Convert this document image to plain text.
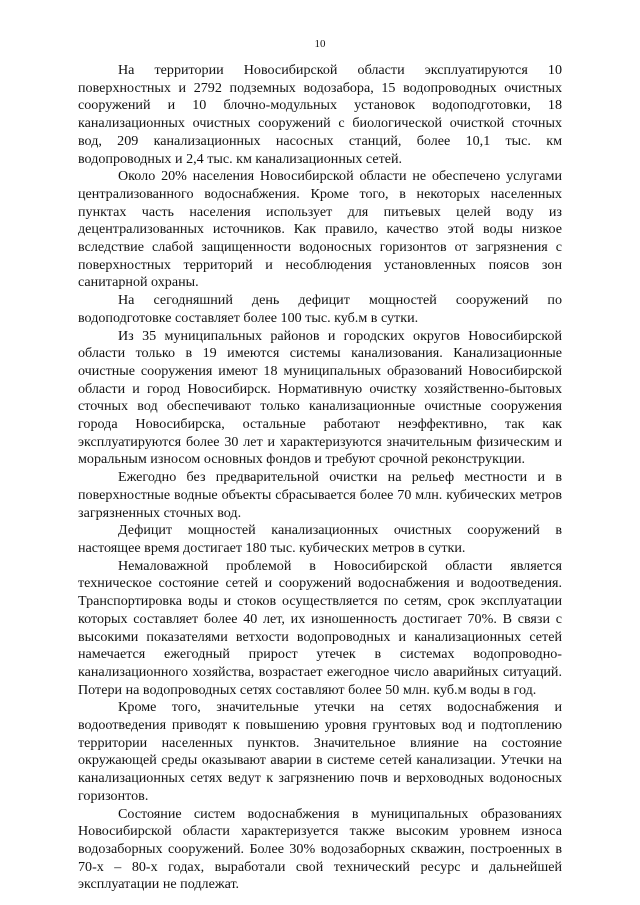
10

На территории Новосибирской области эксплуатируются 10 поверхностных и 2792 подземных водозабора, 15 водопроводных очистных сооружений и 10 блочно-модульных установок водоподготовки, 18 канализационных очистных сооружений с биологической очисткой сточных вод, 209 канализационных насосных станций, более 10,1 тыс. км водопроводных и 2,4 тыс. км канализационных сетей.

Около 20% населения Новосибирской области не обеспечено услугами централизованного водоснабжения. Кроме того, в некоторых населенных пунктах часть населения использует для питьевых целей воду из децентрализованных источников. Как правило, качество этой воды низкое вследствие слабой защищенности водоносных горизонтов от загрязнения с поверхностных территорий и несоблюдения установленных поясов зон санитарной охраны.

На сегодняшний день дефицит мощностей сооружений по водоподготовке составляет более 100 тыс. куб.м в сутки.

Из 35 муниципальных районов и городских округов Новосибирской области только в 19 имеются системы канализования. Канализационные очистные сооружения имеют 18 муниципальных образований Новосибирской области и город Новосибирск. Нормативную очистку хозяйственно-бытовых сточных вод обеспечивают только канализационные очистные сооружения города Новосибирска, остальные работают неэффективно, так как эксплуатируются более 30 лет и характеризуются значительным физическим и моральным износом основных фондов и требуют срочной реконструкции.

Ежегодно без предварительной очистки на рельеф местности и в поверхностные водные объекты сбрасывается более 70 млн. кубических метров загрязненных сточных вод.

Дефицит мощностей канализационных очистных сооружений в настоящее время достигает 180 тыс. кубических метров в сутки.

Немаловажной проблемой в Новосибирской области является техническое состояние сетей и сооружений водоснабжения и водоотведения. Транспортировка воды и стоков осуществляется по сетям, срок эксплуатации которых составляет более 40 лет, их изношенность достигает 70%. В связи с высокими показателями ветхости водопроводных и канализационных сетей намечается ежегодный прирост утечек в системах водопроводно-канализационного хозяйства, возрастает ежегодное число аварийных ситуаций. Потери на водопроводных сетях составляют более 50 млн. куб.м воды в год.

Кроме того, значительные утечки на сетях водоснабжения и водоотведения приводят к повышению уровня грунтовых вод и подтоплению территории населенных пунктов. Значительное влияние на состояние окружающей среды оказывают аварии в системе сетей канализации. Утечки на канализационных сетях ведут к загрязнению почв и верховодных водоносных горизонтов.

Состояние систем водоснабжения в муниципальных образованиях Новосибирской области характеризуется также высоким уровнем износа водозаборных сооружений. Более 30% водозаборных скважин, построенных в 70-х – 80-х годах, выработали свой технический ресурс и дальнейшей эксплуатации не подлежат.
